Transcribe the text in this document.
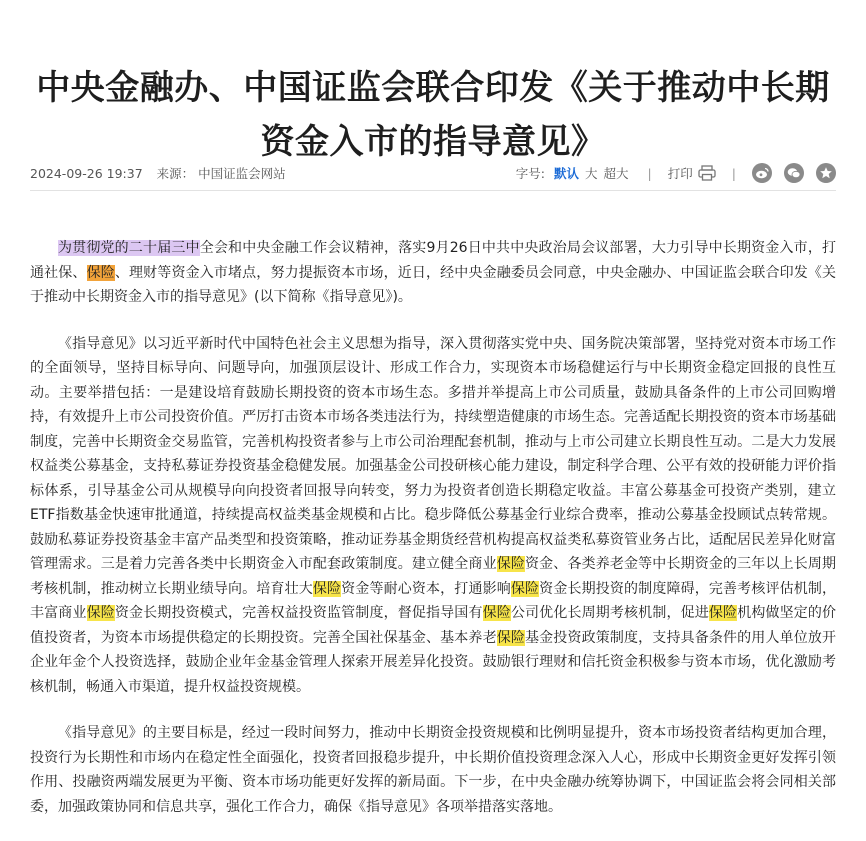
中央金融办、中国证监会联合印发《关于推动中长期资金入市的指导意见》
2024-09-26 19:37 来源： 中国证监会网站	字号: 默认 大 超大 | 打印	|

为贯彻党的二十届三中全会和中央金融工作会议精神，落实9月26日中共中央政治局会议部署，大力引导中长期资金入市，打通社保、保险、理财等资金入市堵点，努力提振资本市场，近日，经中央金融委员会同意，中央金融办、中国证监会联合印发《关于推动中长期资金入市的指导意见》(以下简称《指导意见》)。

《指导意见》以习近平新时代中国特色社会主义思想为指导，深入贯彻落实党中央、国务院决策部署，坚持党对资本市场工作的全面领导，坚持目标导向、问题导向，加强顶层设计、形成工作合力，实现资本市场稳健运行与中长期资金稳定回报的良性互动。主要举措包括：一是建设培育鼓励长期投资的资本市场生态。多措并举提高上市公司质量，鼓励具备条件的上市公司回购增持，有效提升上市公司投资价值。严厉打击资本市场各类违法行为，持续塑造健康的市场生态。完善适配长期投资的资本市场基础制度，完善中长期资金交易监管，完善机构投资者参与上市公司治理配套机制，推动与上市公司建立长期良性互动。二是大力发展权益类公募基金，支持私募证券投资基金稳健发展。加强基金公司投研核心能力建设，制定科学合理、公平有效的投研能力评价指标体系，引导基金公司从规模导向向投资者回报导向转变，努力为投资者创造长期稳定收益。丰富公募基金可投资产类别，建立ETF指数基金快速审批通道，持续提高权益类基金规模和占比。稳步降低公募基金行业综合费率，推动公募基金投顾试点转常规。鼓励私募证券投资基金丰富产品类型和投资策略，推动证券基金期货经营机构提高权益类私募资管业务占比，适配居民差异化财富管理需求。三是着力完善各类中长期资金入市配套政策制度。建立健全商业保险资金、各类养老金等中长期资金的三年以上长周期考核机制，推动树立长期业绩导向。培育壮大保险资金等耐心资本，打通影响保险资金长期投资的制度障碍，完善考核评估机制，丰富商业保险资金长期投资模式，完善权益投资监管制度，督促指导国有保险公司优化长周期考核机制，促进保险机构做坚定的价值投资者，为资本市场提供稳定的长期投资。完善全国社保基金、基本养老保险基金投资政策制度，支持具备条件的用人单位放开企业年金个人投资选择，鼓励企业年金基金管理人探索开展差异化投资。鼓励银行理财和信托资金积极参与资本市场，优化激励考核机制，畅通入市渠道，提升权益投资规模。

《指导意见》的主要目标是，经过一段时间努力，推动中长期资金投资规模和比例明显提升，资本市场投资者结构更加合理，投资行为长期性和市场内在稳定性全面强化，投资者回报稳步提升，中长期价值投资理念深入人心，形成中长期资金更好发挥引领作用、投融资两端发展更为平衡、资本市场功能更好发挥的新局面。下一步，在中央金融办统筹协调下，中国证监会将会同相关部委，加强政策协同和信息共享，强化工作合力，确保《指导意见》各项举措落实落地。
